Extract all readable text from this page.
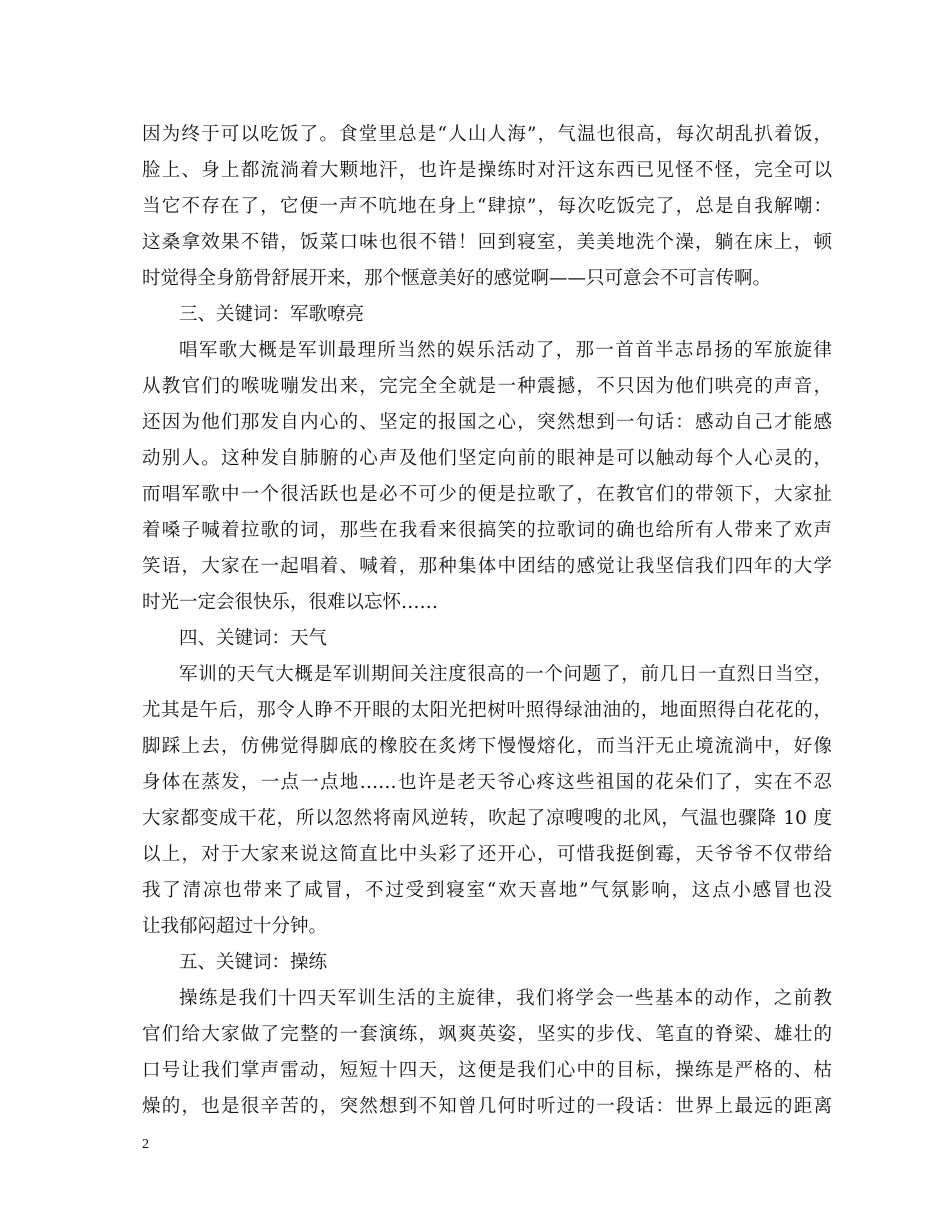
因为终于可以吃饭了。食堂里总是“人山人海”，气温也很高，每次胡乱扒着饭，
脸上、身上都流淌着大颗地汗，也许是操练时对汗这东西已见怪不怪，完全可以
当它不存在了，它便一声不吭地在身上“肆掠”，每次吃饭完了，总是自我解嘲：
这桑拿效果不错，饭菜口味也很不错！回到寝室，美美地洗个澡，躺在床上，顿
时觉得全身筋骨舒展开来，那个惬意美好的感觉啊——只可意会不可言传啊。
三、关键词：军歌嘹亮
唱军歌大概是军训最理所当然的娱乐活动了，那一首首半志昂扬的军旅旋律
从教官们的喉咙嘣发出来，完完全全就是一种震撼，不只因为他们哄亮的声音，
还因为他们那发自内心的、坚定的报国之心，突然想到一句话：感动自己才能感
动别人。这种发自肺腑的心声及他们坚定向前的眼神是可以触动每个人心灵的，
而唱军歌中一个很活跃也是必不可少的便是拉歌了，在教官们的带领下，大家扯
着嗓子喊着拉歌的词，那些在我看来很搞笑的拉歌词的确也给所有人带来了欢声
笑语，大家在一起唱着、喊着，那种集体中团结的感觉让我坚信我们四年的大学
时光一定会很快乐，很难以忘怀……
四、关键词：天气
军训的天气大概是军训期间关注度很高的一个问题了，前几日一直烈日当空，
尤其是午后，那令人睁不开眼的太阳光把树叶照得绿油油的，地面照得白花花的，
脚踩上去，仿佛觉得脚底的橡胶在炙烤下慢慢熔化，而当汗无止境流淌中，好像
身体在蒸发，一点一点地……也许是老天爷心疼这些祖国的花朵们了，实在不忍
大家都变成干花，所以忽然将南风逆转，吹起了凉嗖嗖的北风，气温也骤降 10 度
以上，对于大家来说这简直比中头彩了还开心，可惜我挺倒霉，天爷爷不仅带给
我了清凉也带来了咸冒，不过受到寝室“欢天喜地”气氛影响，这点小感冒也没
让我郁闷超过十分钟。
五、关键词：操练
操练是我们十四天军训生活的主旋律，我们将学会一些基本的动作，之前教
官们给大家做了完整的一套演练，飒爽英姿，坚实的步伐、笔直的脊梁、雄壮的
口号让我们掌声雷动，短短十四天，这便是我们心中的目标，操练是严格的、枯
燥的，也是很辛苦的，突然想到不知曾几何时听过的一段话：世界上最远的距离
2
